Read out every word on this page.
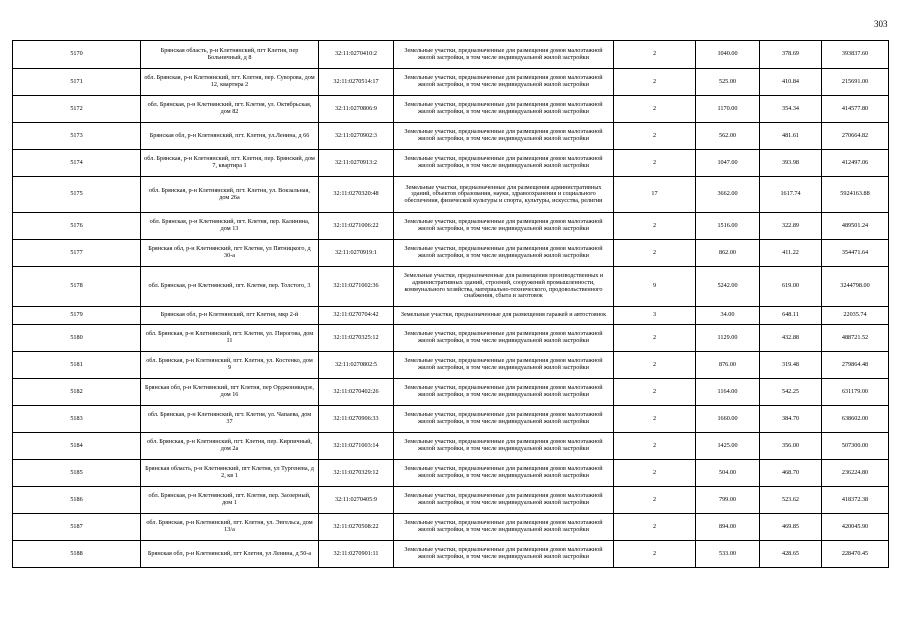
303
5170	Брянская область, р-н Клетнянский, пгт Клетня, пер Больничный, д 8	32:11:0270410:2	Земельные участки, предназначенные для размещения домов малоэтажной жилой застройки, в том числе индивидуальной жилой застройки	2	1040.00	378.69	393837.60
5171	обл. Брянская, р-н Клетнянский, пгт. Клетня, пер. Суворова, дом 12, квартира 2	32:11:0270514:17	Земельные участки, предназначенные для размещения домов малоэтажной жилой застройки, в том числе индивидуальной жилой застройки	2	525.00	410.84	215691.00
5172	обл. Брянская, р-н Клетнянский, пгт. Клетня, ул. Октябрьская, дом 82	32:11:0270806:9	Земельные участки, предназначенные для размещения домов малоэтажной жилой застройки, в том числе индивидуальной жилой застройки	2	1170.00	354.34	414577.80
5173	Брянская обл, р-н Клетнянский, пгт. Клетня, ул.Ленина, д 66	32:11:0270902:3	Земельные участки, предназначенные для размещения домов малоэтажной жилой застройки, в том числе индивидуальной жилой застройки	2	562.00	481.61	270664.82
5174	обл. Брянская, р-н Клетнянский, пгт. Клетня, пер. Брянский, дом 7, квартира 1	32:11:0270913:2	Земельные участки, предназначенные для размещения домов малоэтажной жилой застройки, в том числе индивидуальной жилой застройки	2	1047.00	393.98	412497.06
5175	обл. Брянская, р-н Клетнянский, пгт. Клетня, ул. Вокзальная, дом 26а	32:11:0270320:48	Земельные участки, предназначенные для размещения административных зданий, объектов образования, науки, здравоохранения и социального обеспечения, физической культуры и спорта, культуры, искусства, религии	17	3662.00	1617.74	5924163.88
5176	обл. Брянская, р-н Клетнянский, пгт. Клетня, пер. Калинина, дом 13	32:11:0271006:22	Земельные участки, предназначенные для размещения домов малоэтажной жилой застройки, в том числе индивидуальной жилой застройки	2	1516.00	322.89	489501.24
5177	Брянская обл, р-н Клетнянский, пгт Клетня, ул Пятницкого, д 30-а	32:11:0270919:1	Земельные участки, предназначенные для размещения домов малоэтажной жилой застройки, в том числе индивидуальной жилой застройки	2	862.00	411.22	354471.64
5178	обл. Брянская, р-н Клетнянский, пгт. Клетня, пер. Толстого, 3	32:11:0271002:36	Земельные участки, предназначенные для размещения производственных и административных зданий, строений, сооружений промышленности, коммунального хозяйства, материально-технического, продовольственного снабжения, сбыта и заготовок	9	5242.00	619.00	3244798.00
5179	Брянская обл, р-н Клетнянский, пгт Клетня, мкр 2-й	32:11:0270704:42	Земельные участки, предназначенные для размещения гаражей и автостоянок	3	34.00	648.11	22035.74
5180	обл. Брянская, р-н Клетнянский, пгт. Клетня, ул. Пирогова, дом 11	32:11:0270325:12	Земельные участки, предназначенные для размещения домов малоэтажной жилой застройки, в том числе индивидуальной жилой застройки	2	1129.00	432.88	488721.52
5181	обл. Брянская, р-н Клетнянский, пгт. Клетня, ул. Костенко, дом 9	32:11:0270802:5	Земельные участки, предназначенные для размещения домов малоэтажной жилой застройки, в том числе индивидуальной жилой застройки	2	876.00	319.48	279864.48
5182	Брянская обл, р-н Клетнянский, пгт Клетня, пер Орджоникидзе, дом 16	32:11:0270402:26	Земельные участки, предназначенные для размещения домов малоэтажной жилой застройки, в том числе индивидуальной жилой застройки	2	1164.00	542.25	631179.00
5183	обл. Брянская, р-н Клетнянский, пгт. Клетня, ул. Чапаева, дом 37	32:11:0270906:33	Земельные участки, предназначенные для размещения домов малоэтажной жилой застройки, в том числе индивидуальной жилой застройки	2	1660.00	384.70	638602.00
5184	обл. Брянская, р-н Клетнянский, пгт. Клетня, пер. Кирпичный, дом 2а	32:11:0271003:14	Земельные участки, предназначенные для размещения домов малоэтажной жилой застройки, в том числе индивидуальной жилой застройки	2	1425.00	356.00	507300.00
5185	Брянская область, р-н Клетнянский, пгт Клетня, ул Тургенева, д 2, кв 1	32:11:0270329:12	Земельные участки, предназначенные для размещения домов малоэтажной жилой застройки, в том числе индивидуальной жилой застройки	2	504.00	468.70	236224.80
5186	обл. Брянская, р-н Клетнянский, пгт. Клетня, пер. Заозерный, дом 1	32:11:0270405:9	Земельные участки, предназначенные для размещения домов малоэтажной жилой застройки, в том числе индивидуальной жилой застройки	2	799.00	523.62	418372.38
5187	обл. Брянская, р-н Клетнянский, пгт. Клетня, ул. Энгельса, дом 13/а	32:11:0270508:22	Земельные участки, предназначенные для размещения домов малоэтажной жилой застройки, в том числе индивидуальной жилой застройки	2	894.00	469.85	420045.90
5188	Брянская обл, р-н Клетнянский, пгт Клетня, ул Ленина, д 50-а	32:11:0270901:11	Земельные участки, предназначенные для размещения домов малоэтажной жилой застройки, в том числе индивидуальной жилой застройки	2	533.00	428.65	228470.45
